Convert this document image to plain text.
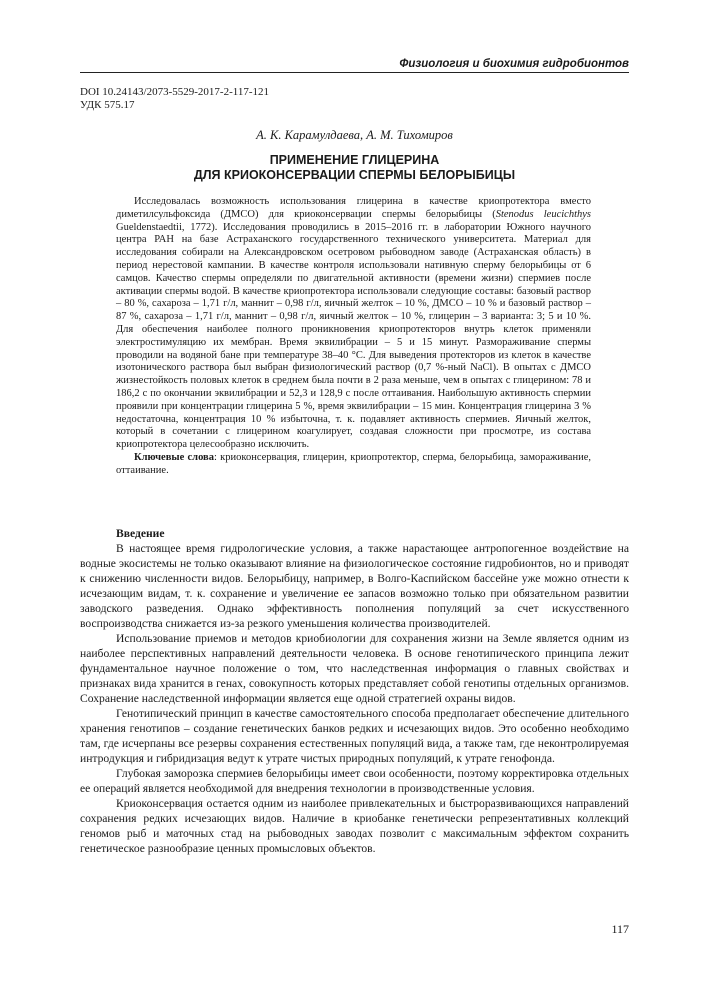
Физиология и биохимия гидробионтов
DOI 10.24143/2073-5529-2017-2-117-121
УДК 575.17
А. К. Карамулдаева, А. М. Тихомиров
ПРИМЕНЕНИЕ ГЛИЦЕРИНА
ДЛЯ КРИОКОНСЕРВАЦИИ СПЕРМЫ БЕЛОРЫБИЦЫ

Исследовалась возможность использования глицерина в качестве криопротектора вместо диметилсульфоксида (ДМСО) для криоконсервации спермы белорыбицы (Stenodus leucichthys Gueldenstaedtii, 1772). Исследования проводились в 2015–2016 гг. в лаборатории Южного научного центра РАН на базе Астраханского государственного технического университета. Материал для исследования собирали на Александровском осетровом рыбоводном заводе (Астраханская область) в период нерестовой кампании. В качестве контроля использовали нативную сперму белорыбицы от 6 самцов. Качество спермы определяли по двигательной активности (времени жизни) спермиев после активации спермы водой. В качестве криопротектора использовали следующие составы: базовый раствор – 80 %, сахароза – 1,71 г/л, маннит – 0,98 г/л, яичный желток – 10 %, ДМСО – 10 % и базовый раствор – 87 %, сахароза – 1,71 г/л, маннит – 0,98 г/л, яичный желток – 10 %, глицерин – 3 варианта: 3; 5 и 10 %. Для обеспечения наиболее полного проникновения криопротекторов внутрь клеток применяли электростимуляцию их мембран. Время эквилибрации – 5 и 15 минут. Размораживание спермы проводили на водяной бане при температуре 38–40 °С. Для выведения протекторов из клеток в качестве изотонического раствора был выбран физиологический раствор (0,7 %-ный NaCl). В опытах с ДМСО жизнестойкость половых клеток в среднем была почти в 2 раза меньше, чем в опытах с глицерином: 78 и 186,2 с по окончании эквилибрации и 52,3 и 128,9 с после оттаивания. Наибольшую активность спермии проявили при концентрации глицерина 5 %, время эквилибрации – 15 мин. Концентрация глицерина 3 % недостаточна, концентрация 10 % избыточна, т. к. подавляет активность спермиев. Яичный желток, который в сочетании с глицерином коагулирует, создавая сложности при просмотре, из состава криопротектора целесообразно исключить.

Ключевые слова: криоконсервация, глицерин, криопротектор, сперма, белорыбица, замораживание, оттаивание.

Введение

В настоящее время гидрологические условия, а также нарастающее антропогенное воздействие на водные экосистемы не только оказывают влияние на физиологическое состояние гидробионтов, но и приводят к снижению численности видов. Белорыбицу, например, в Волго-Каспийском бассейне уже можно отнести к исчезающим видам, т. к. сохранение и увеличение ее запасов возможно только при обязательном развитии заводского разведения. Однако эффективность пополнения популяций за счет искусственного воспроизводства снижается из-за резкого уменьшения количества производителей.

Использование приемов и методов криобиологии для сохранения жизни на Земле является одним из наиболее перспективных направлений деятельности человека. В основе генотипического принципа лежит фундаментальное научное положение о том, что наследственная информация о главных свойствах и признаках вида хранится в генах, совокупность которых представляет собой генотипы отдельных организмов. Сохранение наследственной информации является еще одной стратегией охраны видов.

Генотипический принцип в качестве самостоятельного способа предполагает обеспечение длительного хранения генотипов – создание генетических банков редких и исчезающих видов. Это особенно необходимо там, где исчерпаны все резервы сохранения естественных популяций вида, а также там, где неконтролируемая интродукция и гибридизация ведут к утрате чистых природных популяций, к утрате генофонда.

Глубокая заморозка спермиев белорыбицы имеет свои особенности, поэтому корректировка отдельных ее операций является необходимой для внедрения технологии в производственные условия.

Криоконсервация остается одним из наиболее привлекательных и быстроразвивающихся направлений сохранения редких исчезающих видов. Наличие в криобанке генетически репрезентативных коллекций геномов рыб и маточных стад на рыбоводных заводах позволит с максимальным эффектом сохранить генетическое разнообразие ценных промысловых объектов.

117
